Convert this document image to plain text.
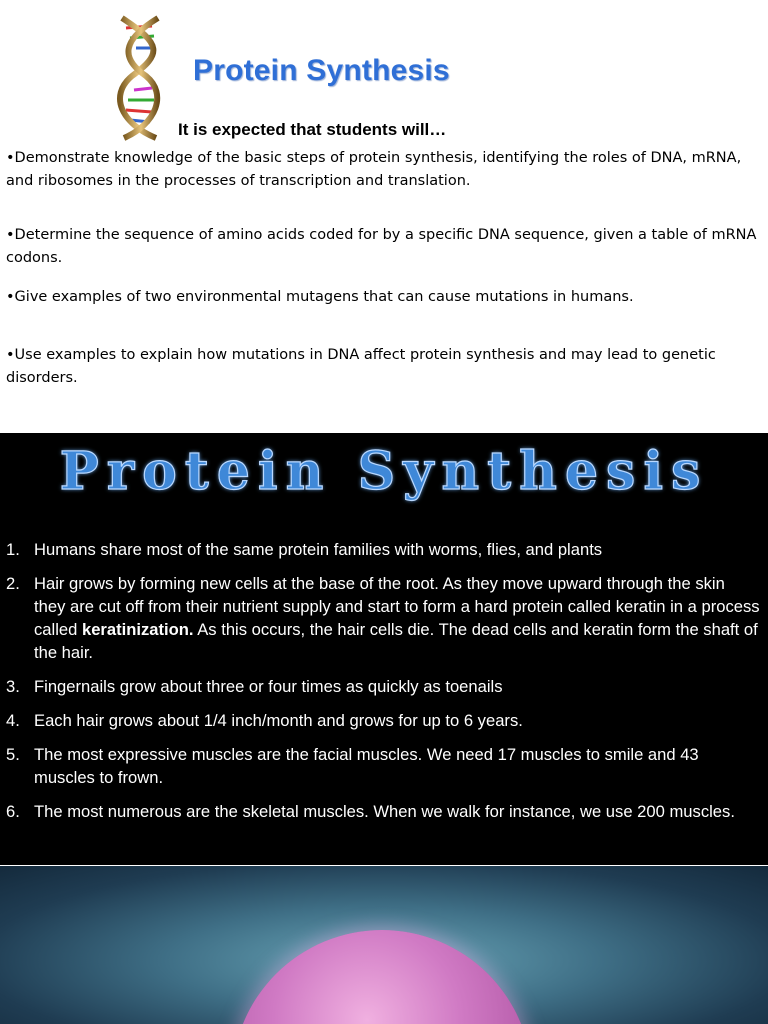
Protein Synthesis
It is expected that students will…
•Demonstrate knowledge of the basic steps of protein synthesis, identifying the roles of DNA, mRNA, and ribosomes in the processes of transcription and translation.
•Determine the sequence of amino acids coded for by a specific DNA sequence, given a table of mRNA codons.
•Give examples of two environmental mutagens that can cause mutations in humans.
•Use examples to explain how mutations in DNA affect protein synthesis and may lead to genetic disorders.
Protein Synthesis
1. Humans share most of the same protein families with worms, flies, and plants
2. Hair grows by forming new cells at the base of the root. As they move upward through the skin they are cut off from their nutrient supply and start to form a hard protein called keratin in a process called keratinization. As this occurs, the hair cells die. The dead cells and keratin form the shaft of the hair.
3. Fingernails grow about three or four times as quickly as toenails
4. Each hair grows about 1/4 inch/month and grows for up to 6 years.
5. The most expressive muscles are the facial muscles. We need 17 muscles to smile and 43 muscles to frown.
6. The most numerous are the skeletal muscles. When we walk for instance, we use 200 muscles.
